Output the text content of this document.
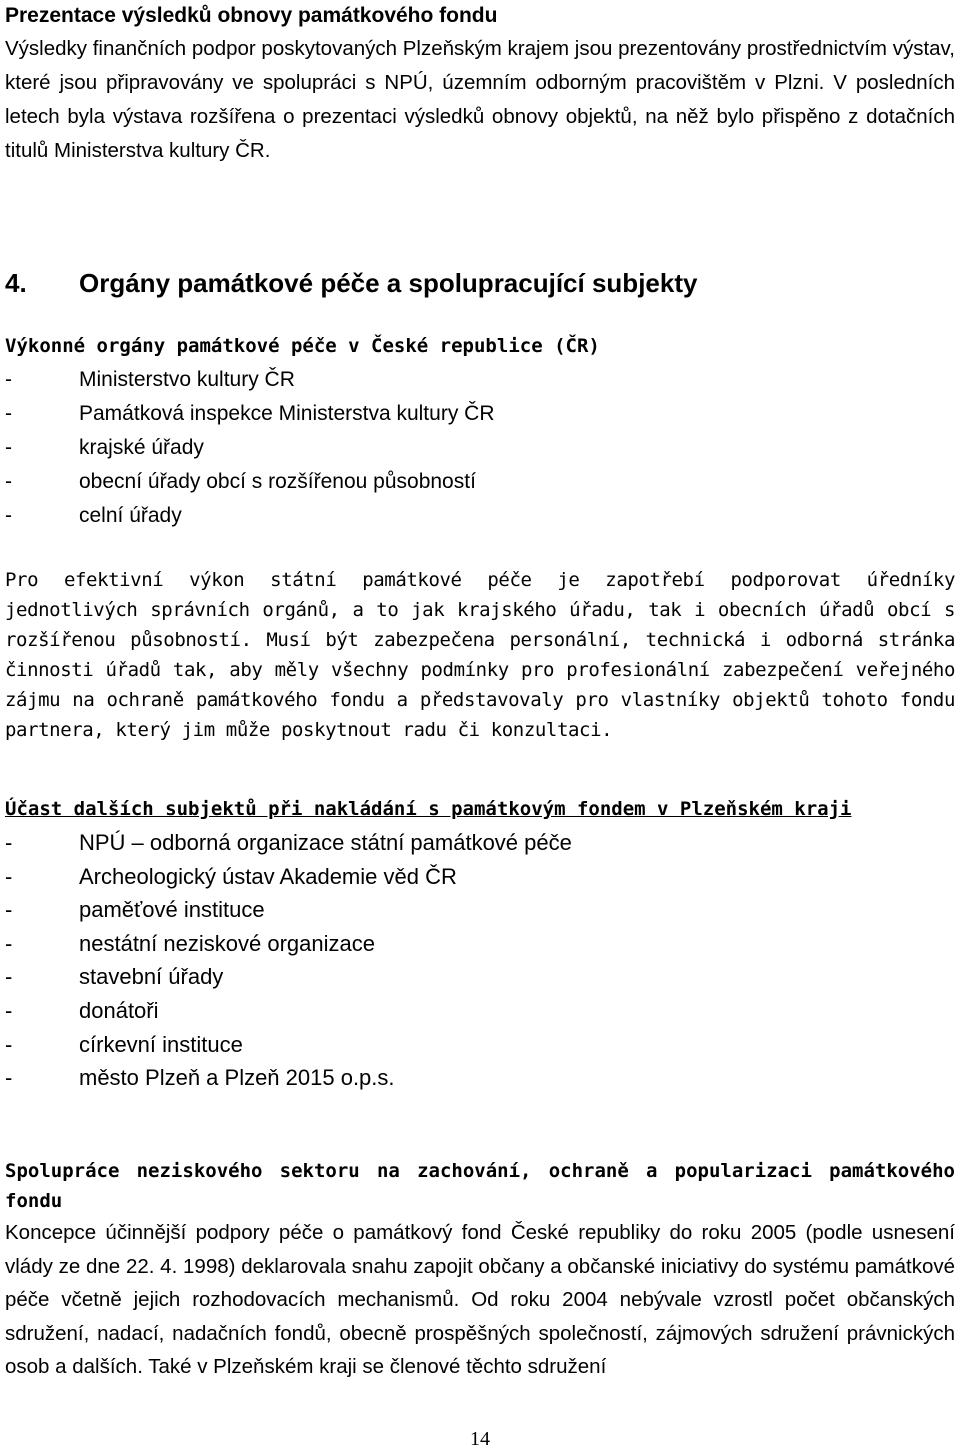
Prezentace výsledků obnovy památkového fondu

Výsledky finančních podpor poskytovaných Plzeňským krajem jsou prezentovány prostřednictvím výstav, které jsou připravovány ve spolupráci s NPÚ, územním odborným pracovištěm v Plzni. V posledních letech byla výstava rozšířena o prezentaci výsledků obnovy objektů, na něž bylo přispěno z dotačních titulů Ministerstva kultury ČR.

4.	Orgány památkové péče a spolupracující subjekty
Výkonné orgány památkové péče v České republice (ČR)
-	Ministerstvo kultury ČR
-	Památková inspekce Ministerstva kultury ČR
-	krajské úřady
-	obecní úřady obcí s rozšířenou působností
-	celní úřady

Pro efektivní výkon státní památkové péče je zapotřebí podporovat úředníky jednotlivých správních orgánů, a to jak krajského úřadu, tak i obecních úřadů obcí s rozšířenou působností. Musí být zabezpečena personální, technická i odborná stránka činnosti úřadů tak, aby měly všechny podmínky pro profesionální zabezpečení veřejného zájmu na ochraně památkového fondu a představovaly pro vlastníky objektů tohoto fondu partnera, který jim může poskytnout radu či konzultaci.

Účast dalších subjektů při nakládání s památkovým fondem v Plzeňském kraji
-	NPÚ – odborná organizace státní památkové péče
-	Archeologický ústav Akademie věd ČR
-	paměťové instituce
-	nestátní neziskové organizace
-	stavební úřady
-	donátoři
-	církevní instituce
-	město Plzeň a Plzeň 2015 o.p.s.
Spolupráce neziskového sektoru na zachování, ochraně a popularizaci památkového fondu

Koncepce účinnější podpory péče o památkový fond České republiky do roku 2005 (podle usnesení vlády ze dne 22. 4. 1998) deklarovala snahu zapojit občany a občanské iniciativy do systému památkové péče včetně jejich rozhodovacích mechanismů. Od roku 2004 nebývale vzrostl počet občanských sdružení, nadací, nadačních fondů, obecně prospěšných společností, zájmových sdružení právnických osob a dalších. Také v Plzeňském kraji se členové těchto sdružení

14
